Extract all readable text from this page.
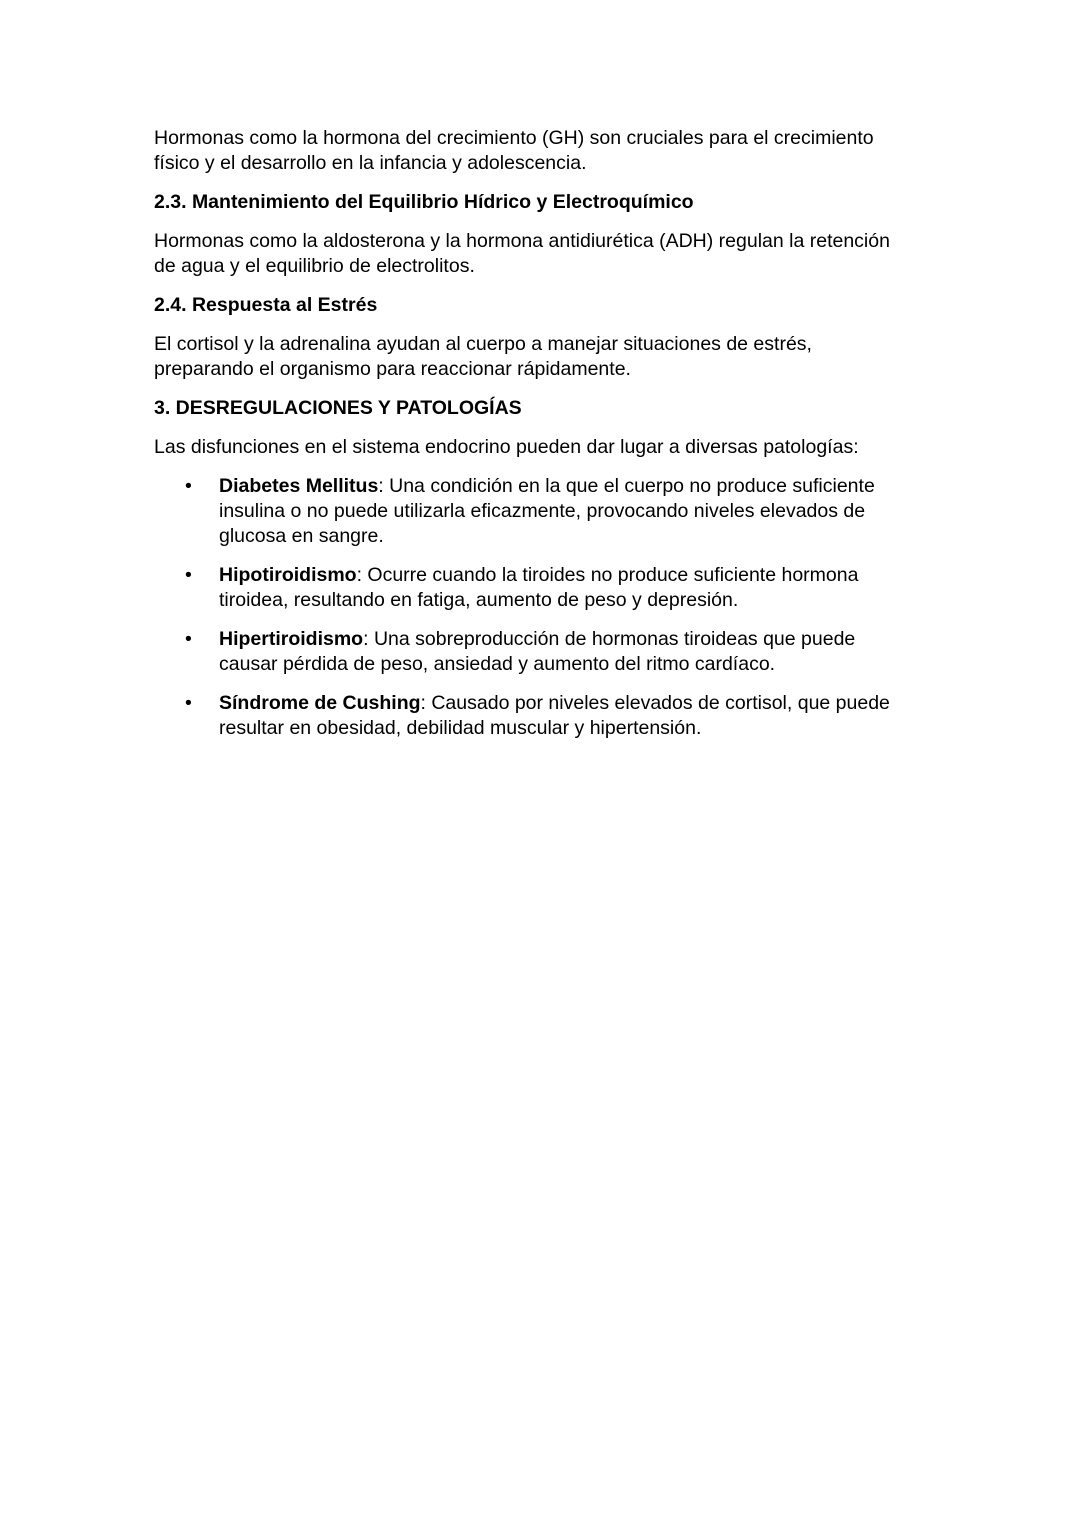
Hormonas como la hormona del crecimiento (GH) son cruciales para el crecimiento físico y el desarrollo en la infancia y adolescencia.

2.3. Mantenimiento del Equilibrio Hídrico y Electroquímico

Hormonas como la aldosterona y la hormona antidiurética (ADH) regulan la retención de agua y el equilibrio de electrolitos.

2.4. Respuesta al Estrés

El cortisol y la adrenalina ayudan al cuerpo a manejar situaciones de estrés, preparando el organismo para reaccionar rápidamente.

3. DESREGULACIONES Y PATOLOGÍAS

Las disfunciones en el sistema endocrino pueden dar lugar a diversas patologías:

• Diabetes Mellitus: Una condición en la que el cuerpo no produce suficiente insulina o no puede utilizarla eficazmente, provocando niveles elevados de glucosa en sangre.
• Hipotiroidismo: Ocurre cuando la tiroides no produce suficiente hormona tiroidea, resultando en fatiga, aumento de peso y depresión.
• Hipertiroidismo: Una sobreproducción de hormonas tiroideas que puede causar pérdida de peso, ansiedad y aumento del ritmo cardíaco.
• Síndrome de Cushing: Causado por niveles elevados de cortisol, que puede resultar en obesidad, debilidad muscular y hipertensión.
